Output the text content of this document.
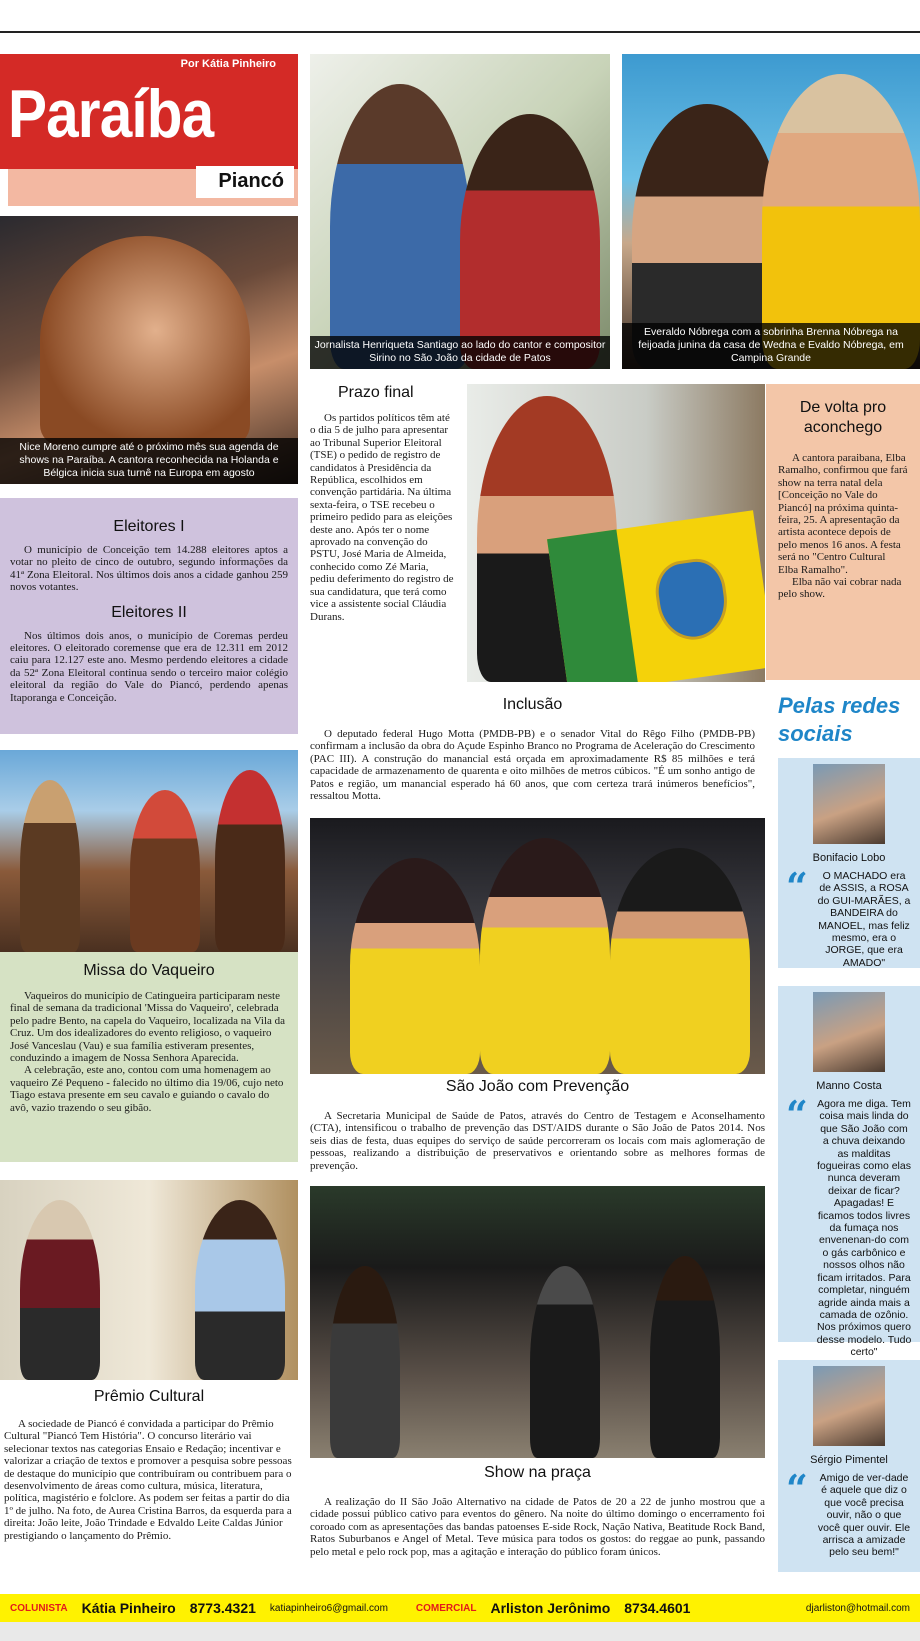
Por Kátia Pinheiro
Paraíba
Piancó
Nice Moreno cumpre até o próximo mês sua agenda de shows na Paraíba. A cantora reconhecida na Holanda e Bélgica inicia sua turnê na Europa em agosto
Jornalista Henriqueta Santiago ao lado do cantor e compositor Sirino no São João da cidade de Patos
Everaldo Nóbrega com a sobrinha Brenna Nóbrega na feijoada junina da casa de Wedna e Evaldo Nóbrega, em Campina Grande
Eleitores I

O município de Conceição tem 14.288 eleitores aptos a votar no pleito de cinco de outubro, segundo informações da 41ª Zona Eleitoral. Nos últimos dois anos a cidade ganhou 259 novos votantes.

Eleitores II

Nos últimos dois anos, o município de Coremas perdeu eleitores. O eleitorado coremense que era de 12.311 em 2012 caiu para 12.127 este ano. Mesmo perdendo eleitores a cidade da 52ª Zona Eleitoral continua sendo o terceiro maior colégio eleitoral da região do Vale do Piancó, perdendo apenas Itaporanga e Conceição.

Prazo final

Os partidos políticos têm até o dia 5 de julho para apresentar ao Tribunal Superior Eleitoral (TSE) o pedido de registro de candidatos à Presidência da República, escolhidos em convenção partidária. Na última sexta-feira, o TSE recebeu o primeiro pedido para as eleições deste ano. Após ter o nome aprovado na convenção do PSTU, José Maria de Almeida, conhecido como Zé Maria, pediu deferimento do registro de sua candidatura, que terá como vice a assistente social Cláudia Durans.

De volta pro aconchego

A cantora paraibana, Elba Ramalho, confirmou que fará show na terra natal dela [Conceição no Vale do Piancó] na próxima quinta-feira, 25. A apresentação da artista acontece depois de pelo menos 16 anos. A festa será no "Centro Cultural Elba Ramalho".

Elba não vai cobrar nada pelo show.

Inclusão

O deputado federal Hugo Motta (PMDB-PB) e o senador Vital do Rêgo Filho (PMDB-PB) confirmam a inclusão da obra do Açude Espinho Branco no Programa de Aceleração do Crescimento (PAC III). A construção do manancial está orçada em aproximadamente R$ 85 milhões e terá capacidade de armazenamento de quarenta e oito milhões de metros cúbicos. "É um sonho antigo de Patos e região, um manancial esperado há 60 anos, que com certeza trará inúmeros benefícios", ressaltou Motta.

Pelas redes sociais
Bonifacio Lobo
“ O MACHADO era de ASSIS, a ROSA do GUI-MARÃES, a BANDEIRA do MANOEL, mas feliz mesmo, era o JORGE, que era AMADO"
Manno Costa
“ Agora me diga. Tem coisa mais linda do que São João com a chuva deixando as malditas fogueiras como elas nunca deveram deixar de ficar? Apagadas! E ficamos todos livres da fumaça nos envenenan-do com o gás carbônico e nossos olhos não ficam irritados. Para completar, ninguém agride ainda mais a camada de ozônio. Nos próximos quero desse modelo. Tudo certo"
Sérgio Pimentel
“ Amigo de ver-dade é aquele que diz o que você precisa ouvir, não o que você quer ouvir. Ele arrisca a amizade pelo seu bem!"
Missa do Vaqueiro

Vaqueiros do município de Catingueira participaram neste final de semana da tradicional 'Missa do Vaqueiro', celebrada pelo padre Bento, na capela do Vaqueiro, localizada na Vila da Cruz. Um dos idealizadores do evento religioso, o vaqueiro José Vanceslau (Vau) e sua família estiveram presentes, conduzindo a imagem de Nossa Senhora Aparecida.

A celebração, este ano, contou com uma homenagem ao vaqueiro Zé Pequeno - falecido no último dia 19/06, cujo neto Tiago estava presente em seu cavalo e guiando o cavalo do avô, vazio trazendo o seu gibão.

São João com Prevenção

A Secretaria Municipal de Saúde de Patos, através do Centro de Testagem e Aconselhamento (CTA), intensificou o trabalho de prevenção das DST/AIDS durante o São João de Patos 2014. Nos seis dias de festa, duas equipes do serviço de saúde percorreram os locais com mais aglomeração de pessoas, realizando a distribuição de preservativos e orientando sobre as melhores formas de prevenção.

Prêmio Cultural

A sociedade de Piancó é convidada a participar do Prêmio Cultural "Piancó Tem História". O concurso literário vai selecionar textos nas categorias Ensaio e Redação; incentivar e valorizar a criação de textos e promover a pesquisa sobre pessoas de destaque do município que contribuíram ou contribuem para o desenvolvimento de áreas como cultura, música, literatura, política, magistério e folclore. As podem ser feitas a partir do dia 1º de julho. Na foto, de Aurea Cristina Barros, da esquerda para a direita: João leite, João Trindade e Edvaldo Leite Caldas Júnior prestigiando o lançamento do Prêmio.

Show na praça

A realização do II São João Alternativo na cidade de Patos de 20 a 22 de junho mostrou que a cidade possui público cativo para eventos do gênero. Na noite do último domingo o encerramento foi coroado com as apresentações das bandas patoenses E-side Rock, Nação Nativa, Beatitude Rock Band, Ratos Suburbanos e Angel of Metal. Teve música para todos os gostos: do reggae ao punk, passando pelo metal e pelo rock pop, mas a agitação e interação do público foram únicos.

COLUNISTA Kátia Pinheiro 8773.4321 katiapinheiro6@gmail.com	COMERCIAL Arliston Jerônimo 8734.4601	djarliston@hotmail.com
